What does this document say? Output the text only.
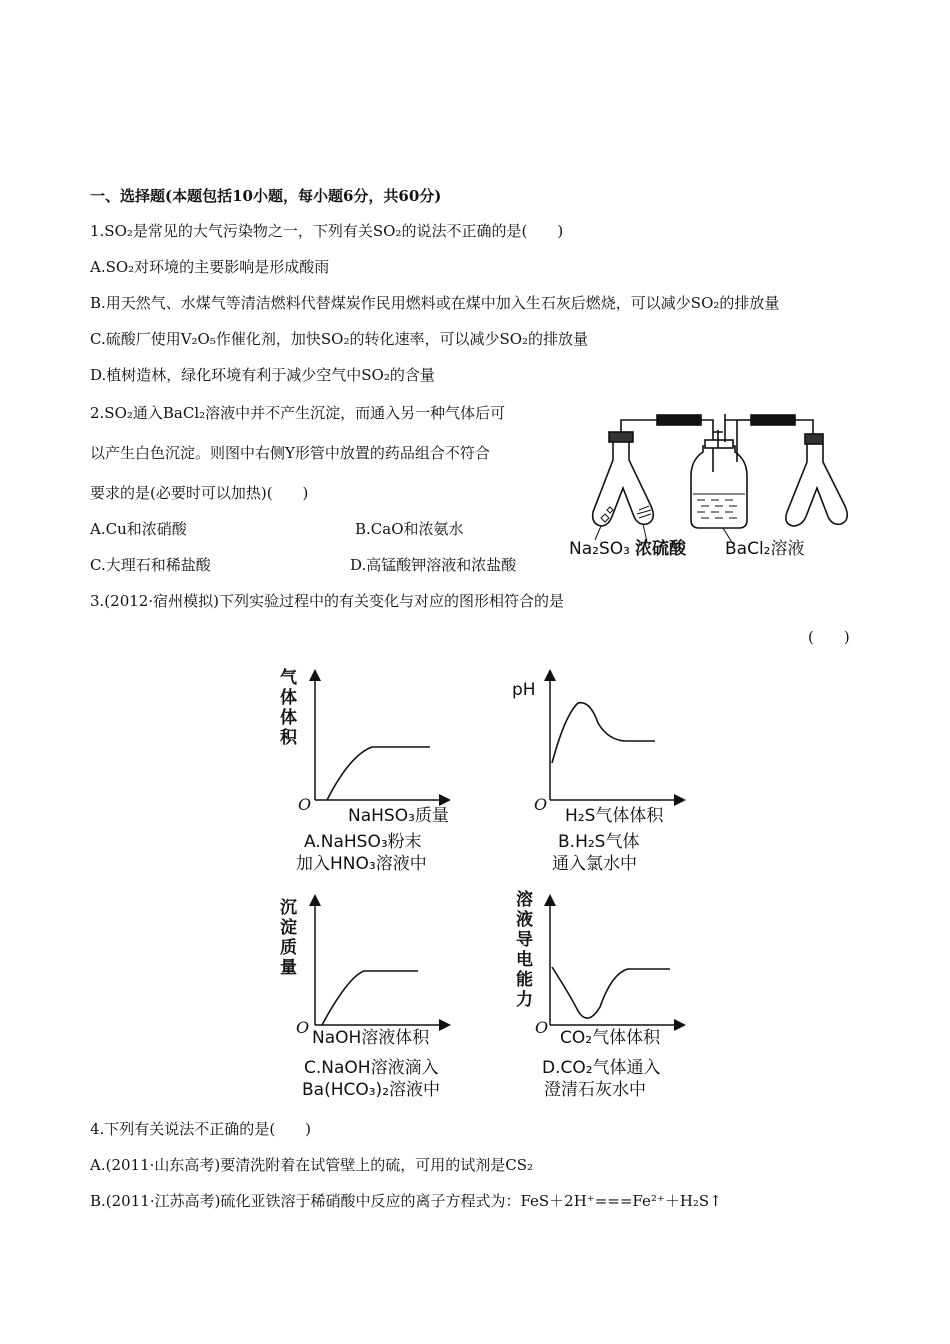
一、选择题(本题包括10小题，每小题6分，共60分)
1.SO₂是常见的大气污染物之一，下列有关SO₂的说法不正确的是(　　)
A.SO₂对环境的主要影响是形成酸雨
B.用天然气、水煤气等清洁燃料代替煤炭作民用燃料或在煤中加入生石灰后燃烧，可以减少SO₂的排放量
C.硫酸厂使用V₂O₅作催化剂，加快SO₂的转化速率，可以减少SO₂的排放量
D.植树造林，绿化环境有利于减少空气中SO₂的含量
2.SO₂通入BaCl₂溶液中并不产生沉淀，而通入另一种气体后可
以产生白色沉淀。则图中右侧Y形管中放置的药品组合不符合
要求的是(必要时可以加热)(　　)
A.Cu和浓硝酸	B.CaO和浓氨水
C.大理石和稀盐酸	D.高锰酸钾溶液和浓盐酸
Na₂SO₃ 浓硫酸 BaCl₂溶液
3.(2012·宿州模拟)下列实验过程中的有关变化与对应的图形相符合的是
(　　)
气
体
体
积
O
NaHSO₃质量
A.NaHSO₃粉末
加入HNO₃溶液中
pH
O
H₂S气体体积
B.H₂S气体
通入氯水中
沉
淀
质
量
O
NaOH溶液体积
C.NaOH溶液滴入
Ba(HCO₃)₂溶液中
溶
液
导
电
能
力
O
CO₂气体体积
D.CO₂气体通入
澄清石灰水中
4.下列有关说法不正确的是(　　)
A.(2011·山东高考)要清洗附着在试管壁上的硫，可用的试剂是CS₂
B.(2011·江苏高考)硫化亚铁溶于稀硝酸中反应的离子方程式为：FeS＋2H⁺===Fe²⁺＋H₂S↑
